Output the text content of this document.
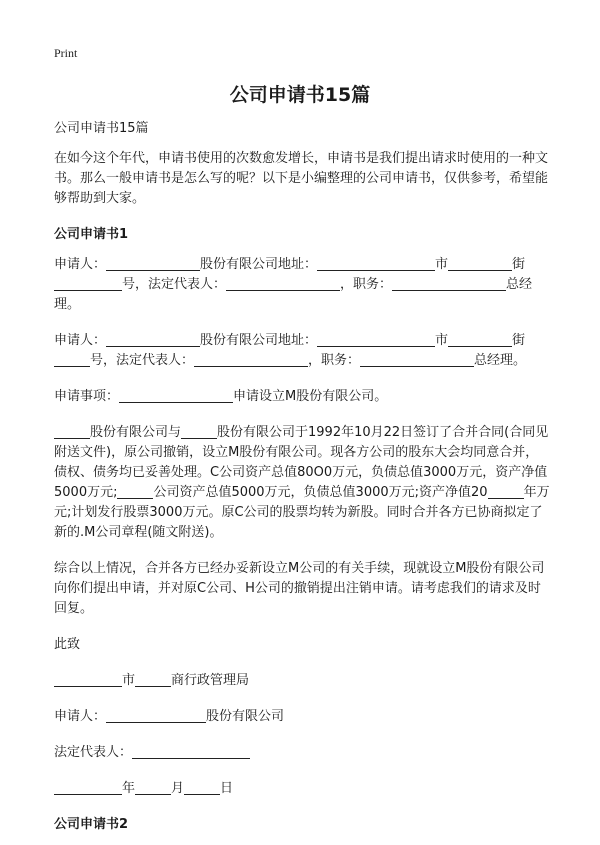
Print
公司申请书15篇

公司申请书15篇

在如今这个年代，申请书使用的次数愈发增长，申请书是我们提出请求时使用的一种文书。那么一般申请书是怎么写的呢？以下是小编整理的公司申请书，仅供参考，希望能够帮助到大家。

公司申请书1

申请人：	股份有限公司地址：	市	街号，法定代表人：	，职务：	总经理。

申请人：	股份有限公司地址：	市	街号，法定代表人：	，职务：	总经理。

申请事项：	申请设立M股份有限公司。

股份有限公司与	股份有限公司于1992年10月22日签订了合并合同(合同见附送文件)，原公司撤销，设立M股份有限公司。现各方公司的股东大会均同意合并，债权、债务均已妥善处理。C公司资产总值80O0万元，负债总值3000万元，资产净值5000万元;	公司资产总值5000万元，负债总值3000万元;资产净值20	年万元;计划发行股票3000万元。原C公司的股票均转为新股。同时合并各方已协商拟定了新的.M公司章程(随文附送)。

综合以上情况，合并各方已经办妥新设立M公司的有关手续，现就设立M股份有限公司向你们提出申请，并对原C公司、H公司的撤销提出注销申请。请考虑我们的请求及时回复。

此致

市	商行政管理局

申请人：	股份有限公司

法定代表人：

年	月	日

公司申请书2
